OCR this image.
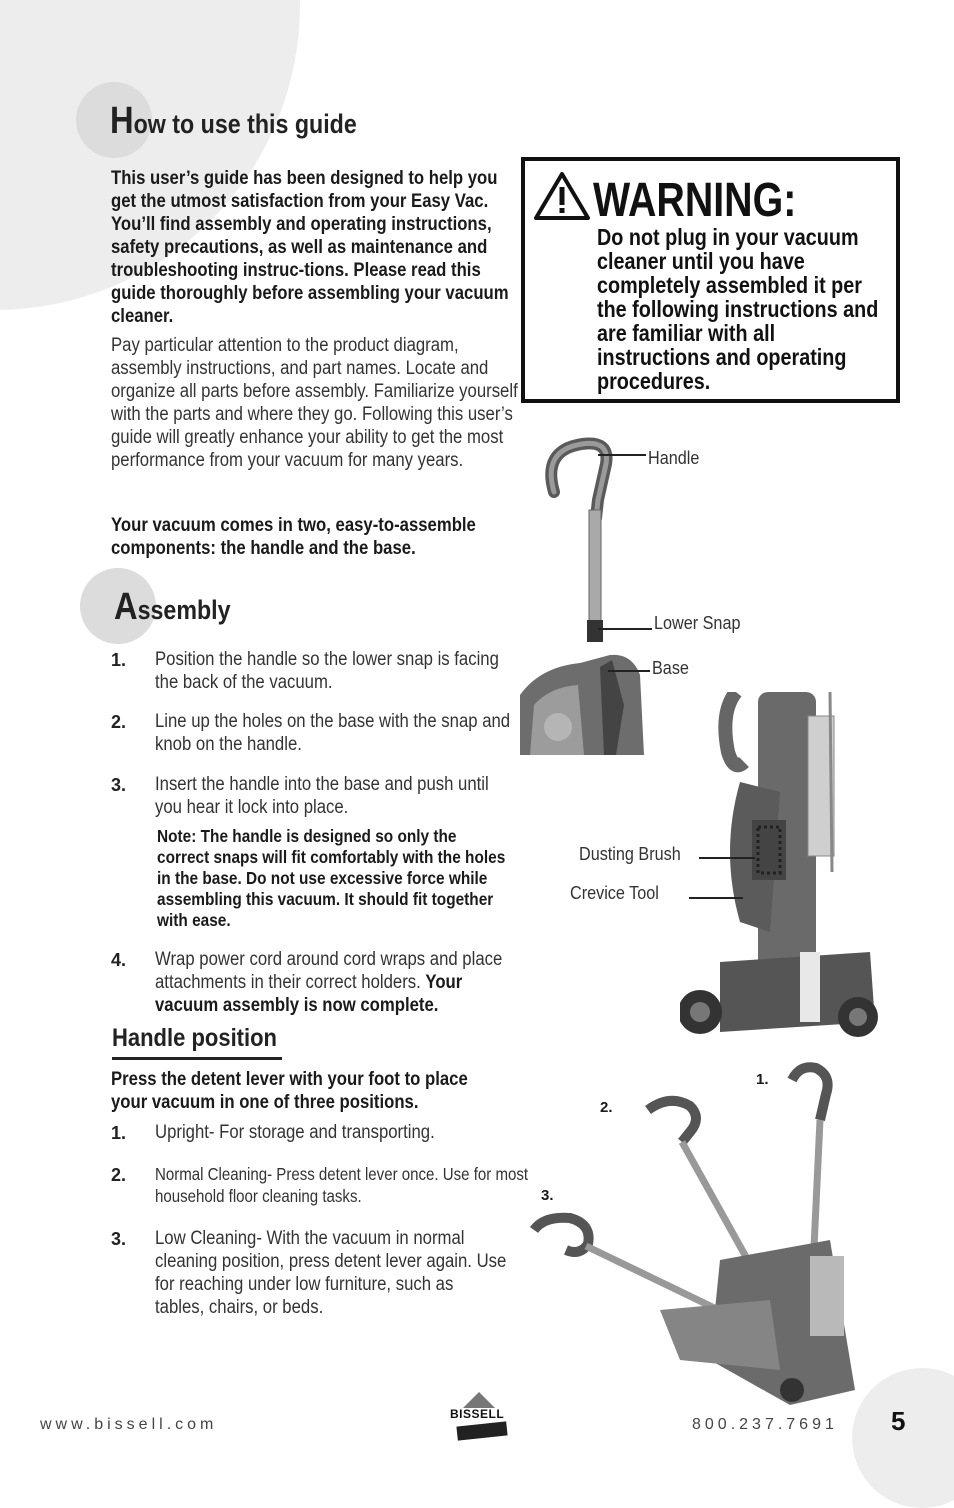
How to use this guide
This user’s guide has been designed to help you get the utmost satisfaction from your Easy Vac. You’ll find assembly and operating instructions, safety precautions, as well as maintenance and troubleshooting instruc-tions. Please read this guide thoroughly before assembling your vacuum cleaner.
Pay particular attention to the product diagram, assembly instructions, and part names. Locate and organize all parts before assembly. Familiarize yourself with the parts and where they go. Following this user’s guide will greatly enhance your ability to get the most performance from your vacuum for many years.
Your vacuum comes in two, easy-to-assemble components: the handle and the base.
Assembly
1. Position the handle so the lower snap is facing the back of the vacuum.
2. Line up the holes on the base with the snap and knob on the handle.
3. Insert the handle into the base and push until you hear it lock into place.
Note: The handle is designed so only the correct snaps will fit comfortably with the holes in the base. Do not use excessive force while assembling this vacuum. It should fit together with ease.
4. Wrap power cord around cord wraps and place attachments in their correct holders. Your vacuum assembly is now complete.
Handle position
Press the detent lever with your foot to place your vacuum in one of three positions.
1. Upright- For storage and transporting.
2. Normal Cleaning- Press detent lever once. Use for most household floor cleaning tasks.
3. Low Cleaning- With the vacuum in normal cleaning position, press detent lever again. Use for reaching under low furniture, such as tables, chairs, or beds.
WARNING:
Do not plug in your vacuum cleaner until you have completely assembled it per the following instructions and are familiar with all instructions and operating procedures.
Handle
Lower Snap
Base
Dusting Brush
Crevice Tool
1.
2.
3.
www.bissell.com
BISSELL
800.237.7691 5
